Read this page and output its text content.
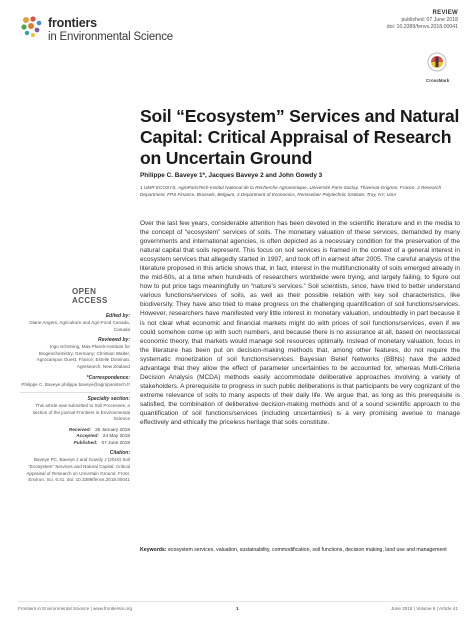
frontiers
in Environmental Science
REVIEW
published: 07 June 2018
doi: 10.3389/fenvs.2018.00041
CrossMark
Soil “Ecosystem” Services and Natural Capital: Critical Appraisal of Research on Uncertain Ground
Philippe C. Baveye 1*, Jacques Baveye 2 and John Gowdy 3
1 UMR ECOSYS, AgroParisTech-Institut National de la Recherche Agronomique, Université Paris-Saclay, Thiverval-Grignon, France, 2 Research Department, FPS Finance, Brussels, Belgium, 3 Department of Economics, Rensselaer Polytechnic Institute, Troy, NY, USA

Over the last few years, considerable attention has been devoted in the scientific literature and in the media to the concept of “ecosystem” services of soils. The monetary valuation of these services, demanded by many governments and international agencies, is often depicted as a necessary condition for the preservation of the natural capital that soils represent. This focus on soil services is framed in the context of a general interest in ecosystem services that allegedly started in 1997, and took off in earnest after 2005. The careful analysis of the literature proposed in this article shows that, in fact, interest in the multifunctionality of soils emerged already in the mid-60s, at a time when hundreds of researchers worldwide were trying, and largely failing, to figure out how to put price tags meaningfully on “nature's services.” Soil scientists, since, have tried to better understand various functions/services of soils, as well as their possible relation with key soil characteristics, like biodiversity. They have also tried to make progress on the challenging quantification of soil functions/services. However, researchers have manifested very little interest in monetary valuation, undoubtedly in part because it is not clear what economic and financial markets might do with prices of soil functions/services, even if we could somehow come up with such numbers, and because there is no assurance at all, based on neoclassical economic theory, that markets would manage soil resources optimally. Instead of monetary valuation, focus in the literature has been put on decision-making methods that, among other features, do not require the systematic monetization of soil functions/services. Bayesian Belief Networks (BBNs) have the added advantage that they allow the effect of parameter uncertainties to be accounted for, whereas Multi-Criteria Decision Analysis (MCDA) methods easily accommodate deliberative approaches involving a variety of stakeholders. A prerequisite to progress in such public deliberations is that participants be very cognizant of the extreme relevance of soils to many aspects of their daily life. We argue that, as long as this prerequisite is satisfied, the combination of deliberative decision-making methods and of a sound scientific approach to the quantification of soil functions/services (including uncertainties) is a very promising avenue to manage effectively and ethically the priceless heritage that soils constitute.

Keywords: ecosystem services, valuation, sustainability, commodification, soil functions, decision making, land use and management
OPEN ACCESS
Edited by:
Diane Angers, Agriculture and Agri-Food Canada, Canada
Reviewed by:
Ingo Schöning, Max-Planck-Institute for Biogeochemistry, Germany; Christian Walter, Agrocampus Ouest, France; Estelle Dominati, Agresearch, New Zealand
*Correspondence:
Philippe C. Baveye philippe.baveye@agroparistech.fr
Specialty section:
This article was submitted to Soil Processes, a section of the journal Frontiers in Environmental Science
Received: 25 January 2018
Accepted: 24 May 2018
Published: 07 June 2018
Citation:
Baveye PC, Baveye J and Gowdy J (2018) Soil “Ecosystem” Services and Natural Capital: Critical Appraisal of Research on Uncertain Ground. Front. Environ. Sci. 6:41. doi: 10.3389/fenvs.2018.00041
Frontiers in Environmental Science | www.frontiersin.org	1	June 2018 | Volume 6 | Article 41
